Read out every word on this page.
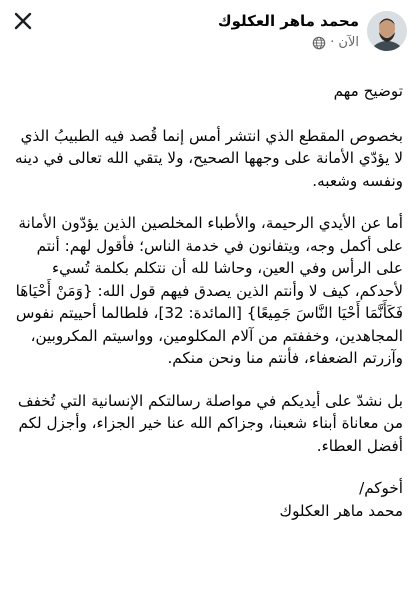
محمد ماهر العكلوك
الآن
·

توضيح مهم

بخصوص المقطع الذي انتشر أمس إنما قُصد فيه الطبيبُ الذي لا يؤدّي الأمانة على وجهها الصحيح، ولا يتقي الله تعالى في دينه ونفسه وشعبه.

أما عن الأيدي الرحيمة، والأطباء المخلصين الذين يؤدّون الأمانة على أكمل وجه، ويتفانون في خدمة الناس؛ فأقول لهم: أنتم على الرأس وفي العين، وحاشا لله أن نتكلم بكلمة تُسيء لأحدكم، كيف لا وأنتم الذين يصدق فيهم قول الله: {وَمَنْ أَحْيَاهَا فَكَأَنَّمَا أَحْيَا النَّاسَ جَمِيعًا} [المائدة: 32]، فلطالما أحييتم نفوس المجاهدين، وخففتم من آلام المكلومين، وواسيتم المكروبين، وآزرتم الضعفاء، فأنتم منا ونحن منكم.

بل نشدّ على أيديكم في مواصلة رسالتكم الإنسانية التي تُخفف من معاناة أبناء شعبنا، وجزاكم الله عنا خير الجزاء، وأجزل لكم أفضل العطاء.

أخوكم/

محمد ماهر العكلوك
